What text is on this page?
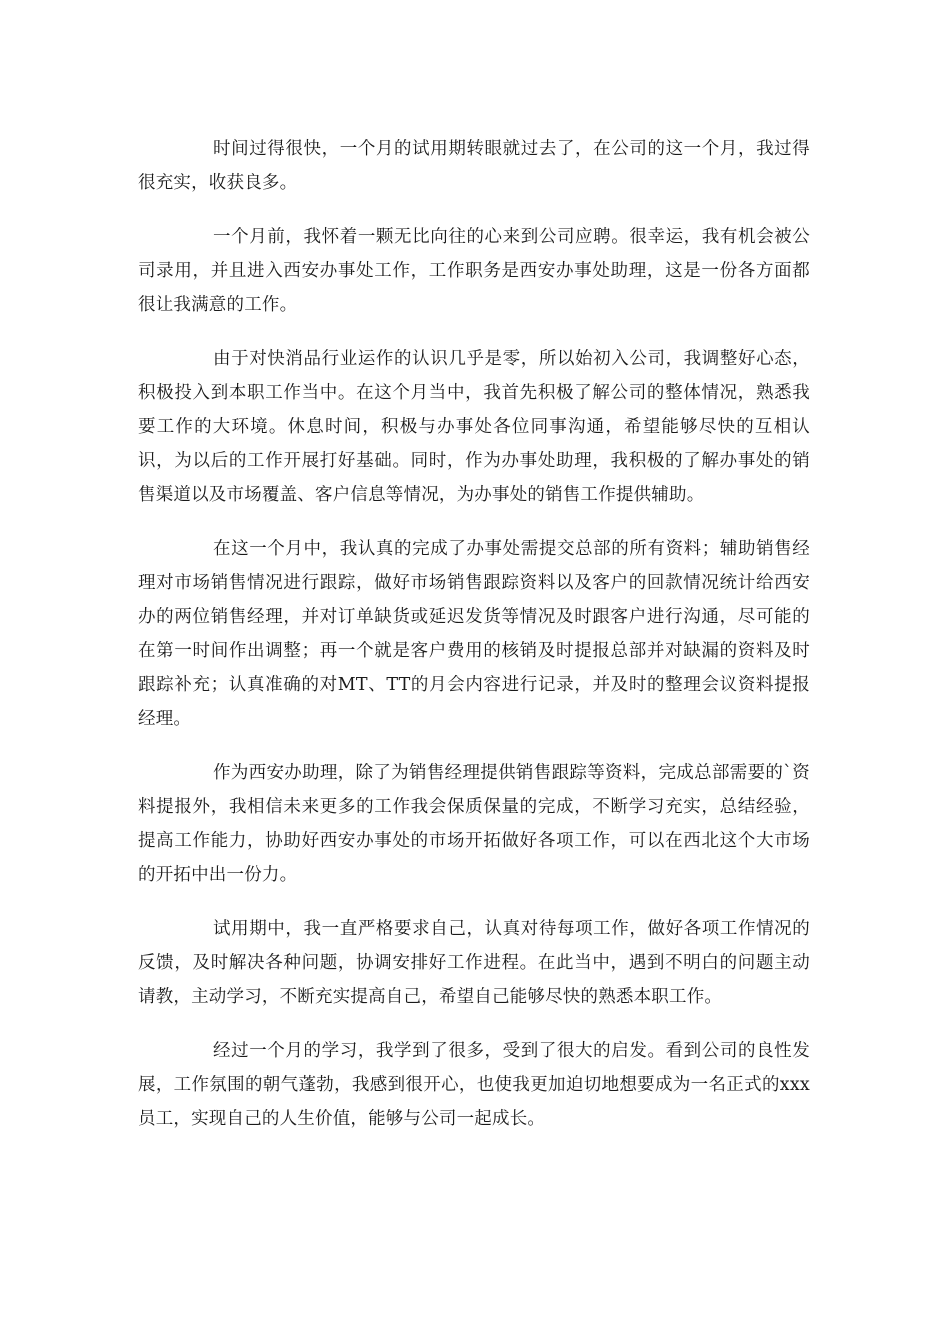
时间过得很快，一个月的试用期转眼就过去了，在公司的这一个月，我过得很充实，收获良多。

一个月前，我怀着一颗无比向往的心来到公司应聘。很幸运，我有机会被公司录用，并且进入西安办事处工作，工作职务是西安办事处助理，这是一份各方面都很让我满意的工作。

由于对快消品行业运作的认识几乎是零，所以始初入公司，我调整好心态，积极投入到本职工作当中。在这个月当中，我首先积极了解公司的整体情况，熟悉我要工作的大环境。休息时间，积极与办事处各位同事沟通，希望能够尽快的互相认识，为以后的工作开展打好基础。同时，作为办事处助理，我积极的了解办事处的销售渠道以及市场覆盖、客户信息等情况，为办事处的销售工作提供辅助。

在这一个月中，我认真的完成了办事处需提交总部的所有资料；辅助销售经理对市场销售情况进行跟踪，做好市场销售跟踪资料以及客户的回款情况统计给西安办的两位销售经理，并对订单缺货或延迟发货等情况及时跟客户进行沟通，尽可能的在第一时间作出调整；再一个就是客户费用的核销及时提报总部并对缺漏的资料及时跟踪补充；认真准确的对MT、TT的月会内容进行记录，并及时的整理会议资料提报经理。

作为西安办助理，除了为销售经理提供销售跟踪等资料，完成总部需要的`资料提报外，我相信未来更多的工作我会保质保量的完成，不断学习充实，总结经验，提高工作能力，协助好西安办事处的市场开拓做好各项工作，可以在西北这个大市场的开拓中出一份力。

试用期中，我一直严格要求自己，认真对待每项工作，做好各项工作情况的反馈，及时解决各种问题，协调安排好工作进程。在此当中，遇到不明白的问题主动请教，主动学习，不断充实提高自己，希望自己能够尽快的熟悉本职工作。

经过一个月的学习，我学到了很多，受到了很大的启发。看到公司的良性发展，工作氛围的朝气蓬勃，我感到很开心，也使我更加迫切地想要成为一名正式的xxx员工，实现自己的人生价值，能够与公司一起成长。
